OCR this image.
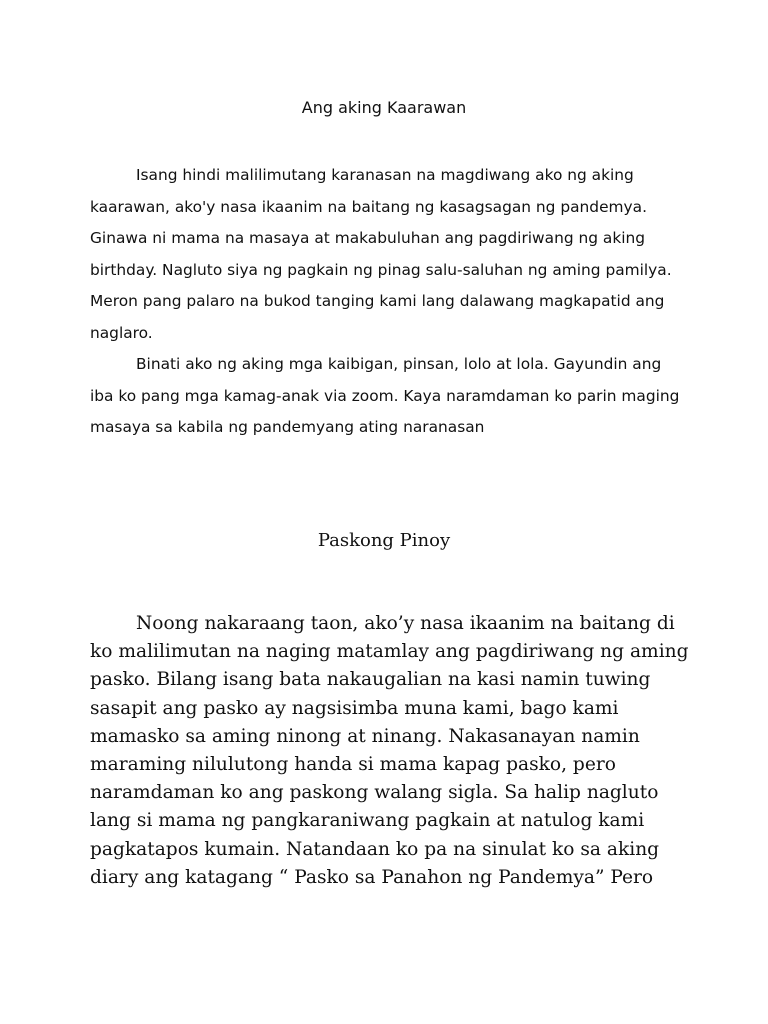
Ang aking Kaarawan

Isang hindi malilimutang karanasan na magdiwang ako ng aking kaarawan, ako'y nasa ikaanim na baitang ng kasagsagan ng pandemya. Ginawa ni mama na masaya at makabuluhan ang pagdiriwang ng aking birthday. Nagluto siya ng pagkain ng pinag salu-saluhan ng aming pamilya. Meron pang palaro na bukod tanging kami lang dalawang magkapatid ang naglaro.

Binati ako ng aking mga kaibigan, pinsan, lolo at lola. Gayundin ang iba ko pang mga kamag-anak via zoom. Kaya naramdaman ko parin maging masaya sa kabila ng pandemyang ating naranasan

Paskong Pinoy

Noong nakaraang taon, ako’y nasa ikaanim na baitang di ko malilimutan na naging matamlay ang pagdiriwang ng aming pasko. Bilang isang bata nakaugalian na kasi namin tuwing sasapit ang pasko ay nagsisimba muna kami, bago kami mamasko sa aming ninong at ninang. Nakasanayan namin maraming nilulutong handa si mama kapag pasko, pero naramdaman ko ang paskong walang sigla. Sa halip nagluto lang si mama ng pangkaraniwang pagkain at natulog kami pagkatapos kumain. Natandaan ko pa na sinulat ko sa aking diary ang katagang “ Pasko sa Panahon ng Pandemya” Pero
